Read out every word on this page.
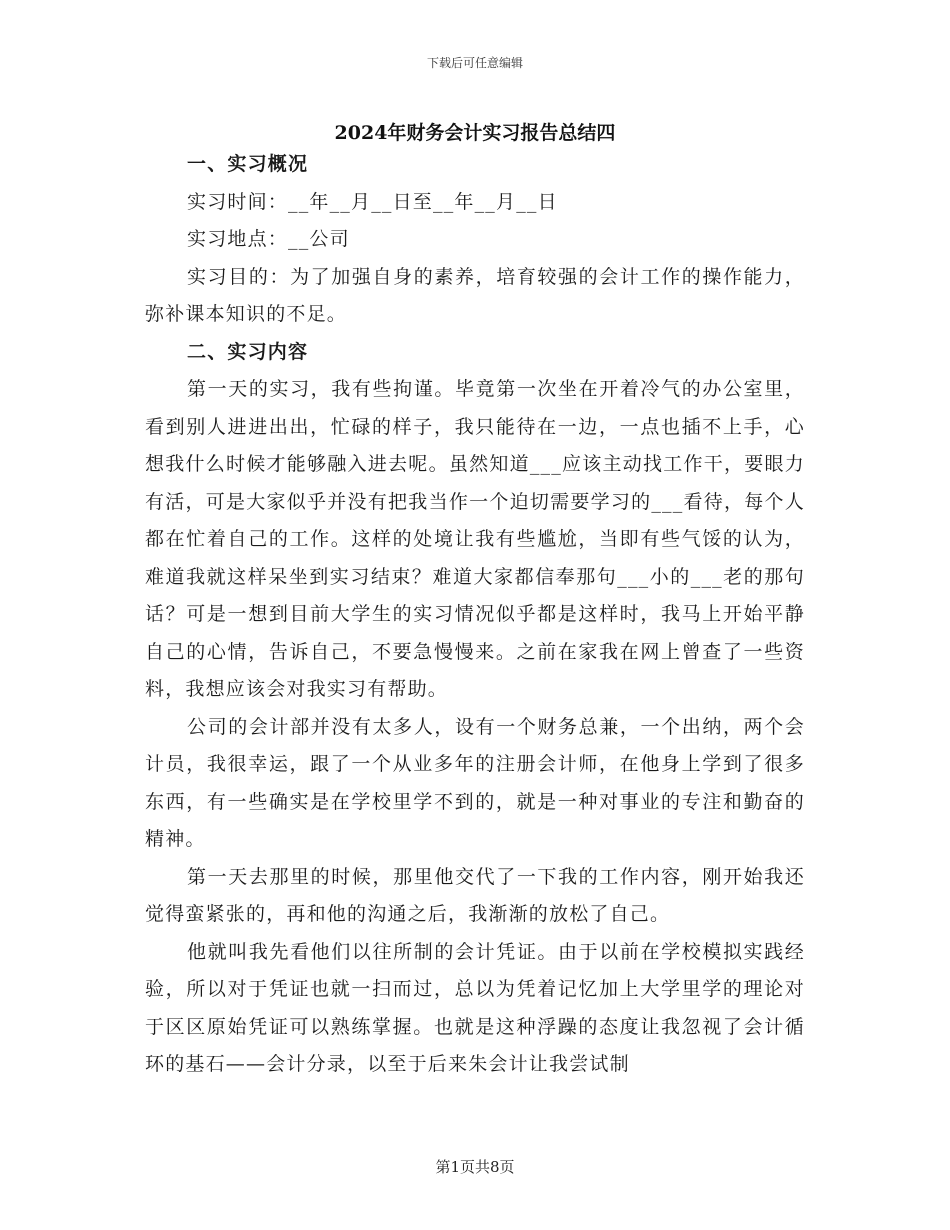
下载后可任意编辑
2024年财务会计实习报告总结四

一、实习概况

实习时间：__年__月__日至__年__月__日

实习地点：__公司

实习目的：为了加强自身的素养，培育较强的会计工作的操作能力，弥补课本知识的不足。

二、实习内容

第一天的实习，我有些拘谨。毕竟第一次坐在开着冷气的办公室里，看到别人进进出出，忙碌的样子，我只能待在一边，一点也插不上手，心想我什么时候才能够融入进去呢。虽然知道___应该主动找工作干，要眼力有活，可是大家似乎并没有把我当作一个迫切需要学习的___看待，每个人都在忙着自己的工作。这样的处境让我有些尴尬，当即有些气馁的认为，难道我就这样呆坐到实习结束？难道大家都信奉那句___小的___老的那句话？可是一想到目前大学生的实习情况似乎都是这样时，我马上开始平静自己的心情，告诉自己，不要急慢慢来。之前在家我在网上曾查了一些资料，我想应该会对我实习有帮助。

公司的会计部并没有太多人，设有一个财务总兼，一个出纳，两个会计员，我很幸运，跟了一个从业多年的注册会计师，在他身上学到了很多东西，有一些确实是在学校里学不到的，就是一种对事业的专注和勤奋的精神。

第一天去那里的时候，那里他交代了一下我的工作内容，刚开始我还觉得蛮紧张的，再和他的沟通之后，我渐渐的放松了自己。

他就叫我先看他们以往所制的会计凭证。由于以前在学校模拟实践经验，所以对于凭证也就一扫而过，总以为凭着记忆加上大学里学的理论对于区区原始凭证可以熟练掌握。也就是这种浮躁的态度让我忽视了会计循环的基石——会计分录，以至于后来朱会计让我尝试制

第1页共8页
